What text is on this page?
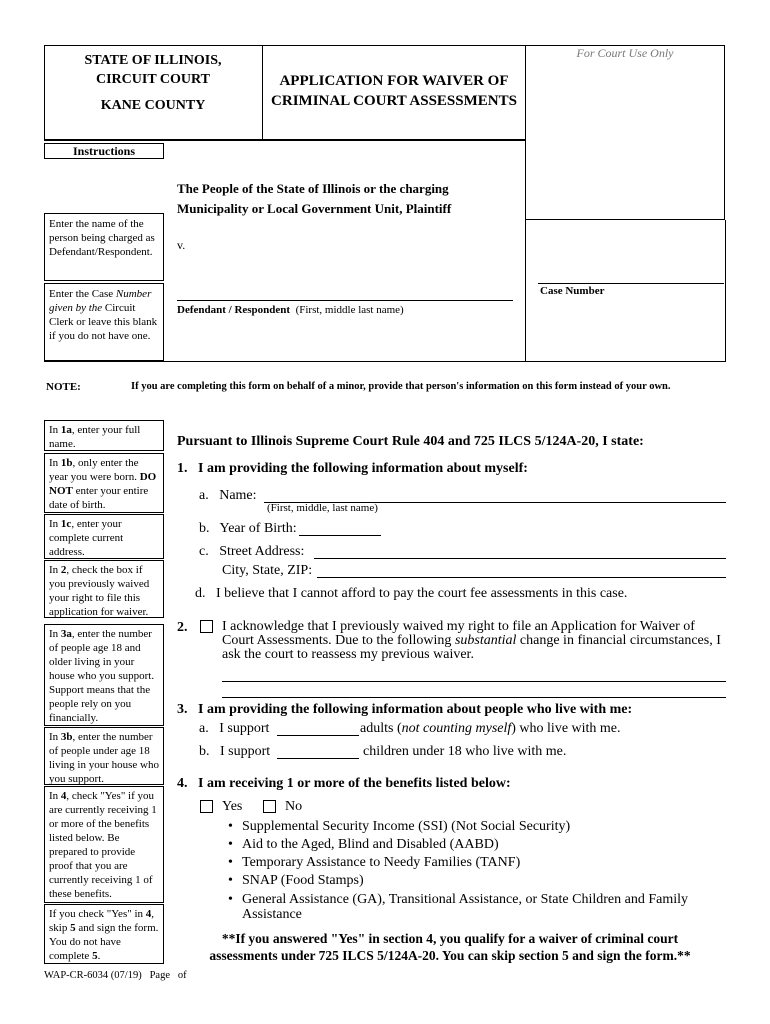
STATE OF ILLINOIS,
CIRCUIT COURT
KANE COUNTY
APPLICATION FOR WAIVER OF
CRIMINAL COURT ASSESSMENTS
For Court Use Only
Instructions
Enter the name of the person being charged as Defendant/Respondent.
Enter the Case Number given by the Circuit Clerk or leave this blank if you do not have one.
The People of the State of Illinois or the charging
Municipality or Local Government Unit, Plaintiff
v.
Defendant / Respondent (First, middle last name)
Case Number
NOTE:	If you are completing this form on behalf of a minor, provide that person's information on this form instead of your own.
In 1a, enter your full name.
In 1b, only enter the year you were born. DO NOT enter your entire date of birth.
In 1c, enter your complete current address.
In 2, check the box if you previously waived your right to file this application for waiver.
In 3a, enter the number of people age 18 and older living in your house who you support. Support means that the people rely on you financially.
In 3b, enter the number of people under age 18 living in your house who you support.
In 4, check "Yes" if you are currently receiving 1 or more of the benefits listed below. Be prepared to provide proof that you are currently receiving 1 of these benefits.
If you check "Yes" in 4, skip 5 and sign the form. You do not have complete 5.
Pursuant to Illinois Supreme Court Rule 404 and 725 ILCS 5/124A-20, I state:
1.   I am providing the following information about myself:
a.   Name:
(First, middle, last name)
b.   Year of Birth:
c.   Street Address:
City, State, ZIP:
d.   I believe that I cannot afford to pay the court fee assessments in this case.
2. I acknowledge that I previously waived my right to file an Application for Waiver of
Court Assessments. Due to the following substantial change in financial circumstances, I
ask the court to reassess my previous waiver.
3.   I am providing the following information about people who live with me:
a.   I support	adults (not counting myself) who live with me.
b.   I support	children under 18 who live with me.
4.   I am receiving 1 or more of the benefits listed below:
Yes	No
• Supplemental Security Income (SSI) (Not Social Security)
• Aid to the Aged, Blind and Disabled (AABD)
• Temporary Assistance to Needy Families (TANF)
• SNAP (Food Stamps)
• General Assistance (GA), Transitional Assistance, or State Children and Family Assistance
**If you answered "Yes" in section 4, you qualify for a waiver of criminal court
assessments under 725 ILCS 5/124A-20. You can skip section 5 and sign the form.**
WAP-CR-6034 (07/19)   Page   of
